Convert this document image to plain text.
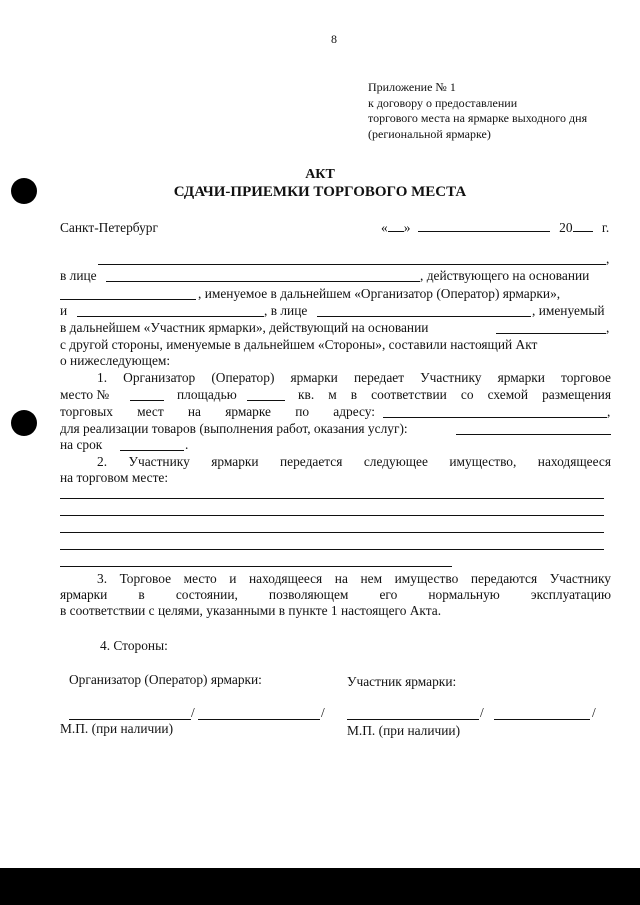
8
Приложение № 1
к договору о предоставлении
торгового места на ярмарке выходного дня
(региональной ярмарке)
АКТ
СДАЧИ-ПРИЕМКИ ТОРГОВОГО МЕСТА
Санкт-Петербург	« »	20 г.
,
в лице	, действующего на основании
, именуемое в дальнейшем «Организатор (Оператор) ярмарки»,
и	, в лице	, именуемый
в дальнейшем «Участник ярмарки», действующий на основании	,
с другой стороны, именуемые в дальнейшем «Стороны», составили настоящий Акт
о нижеследующем:
1. Организатор (Оператор) ярмарки передает Участнику ярмарки торговое
место №	площадью	кв. м в соответствии со схемой размещения
торговых мест на ярмарке по адресу:	,
для реализации товаров (выполнения работ, оказания услуг):
на срок	.
2. Участнику ярмарки передается следующее имущество, находящееся
на торговом месте:
3. Торговое место и находящееся на нем имущество передаются Участнику
ярмарки в состоянии, позволяющем его нормальную эксплуатацию
в соответствии с целями, указанными в пункте 1 настоящего Акта.
4. Стороны:
Организатор (Оператор) ярмарки:	Участник ярмарки:
/	/	/	/
М.П. (при наличии)	М.П. (при наличии)
